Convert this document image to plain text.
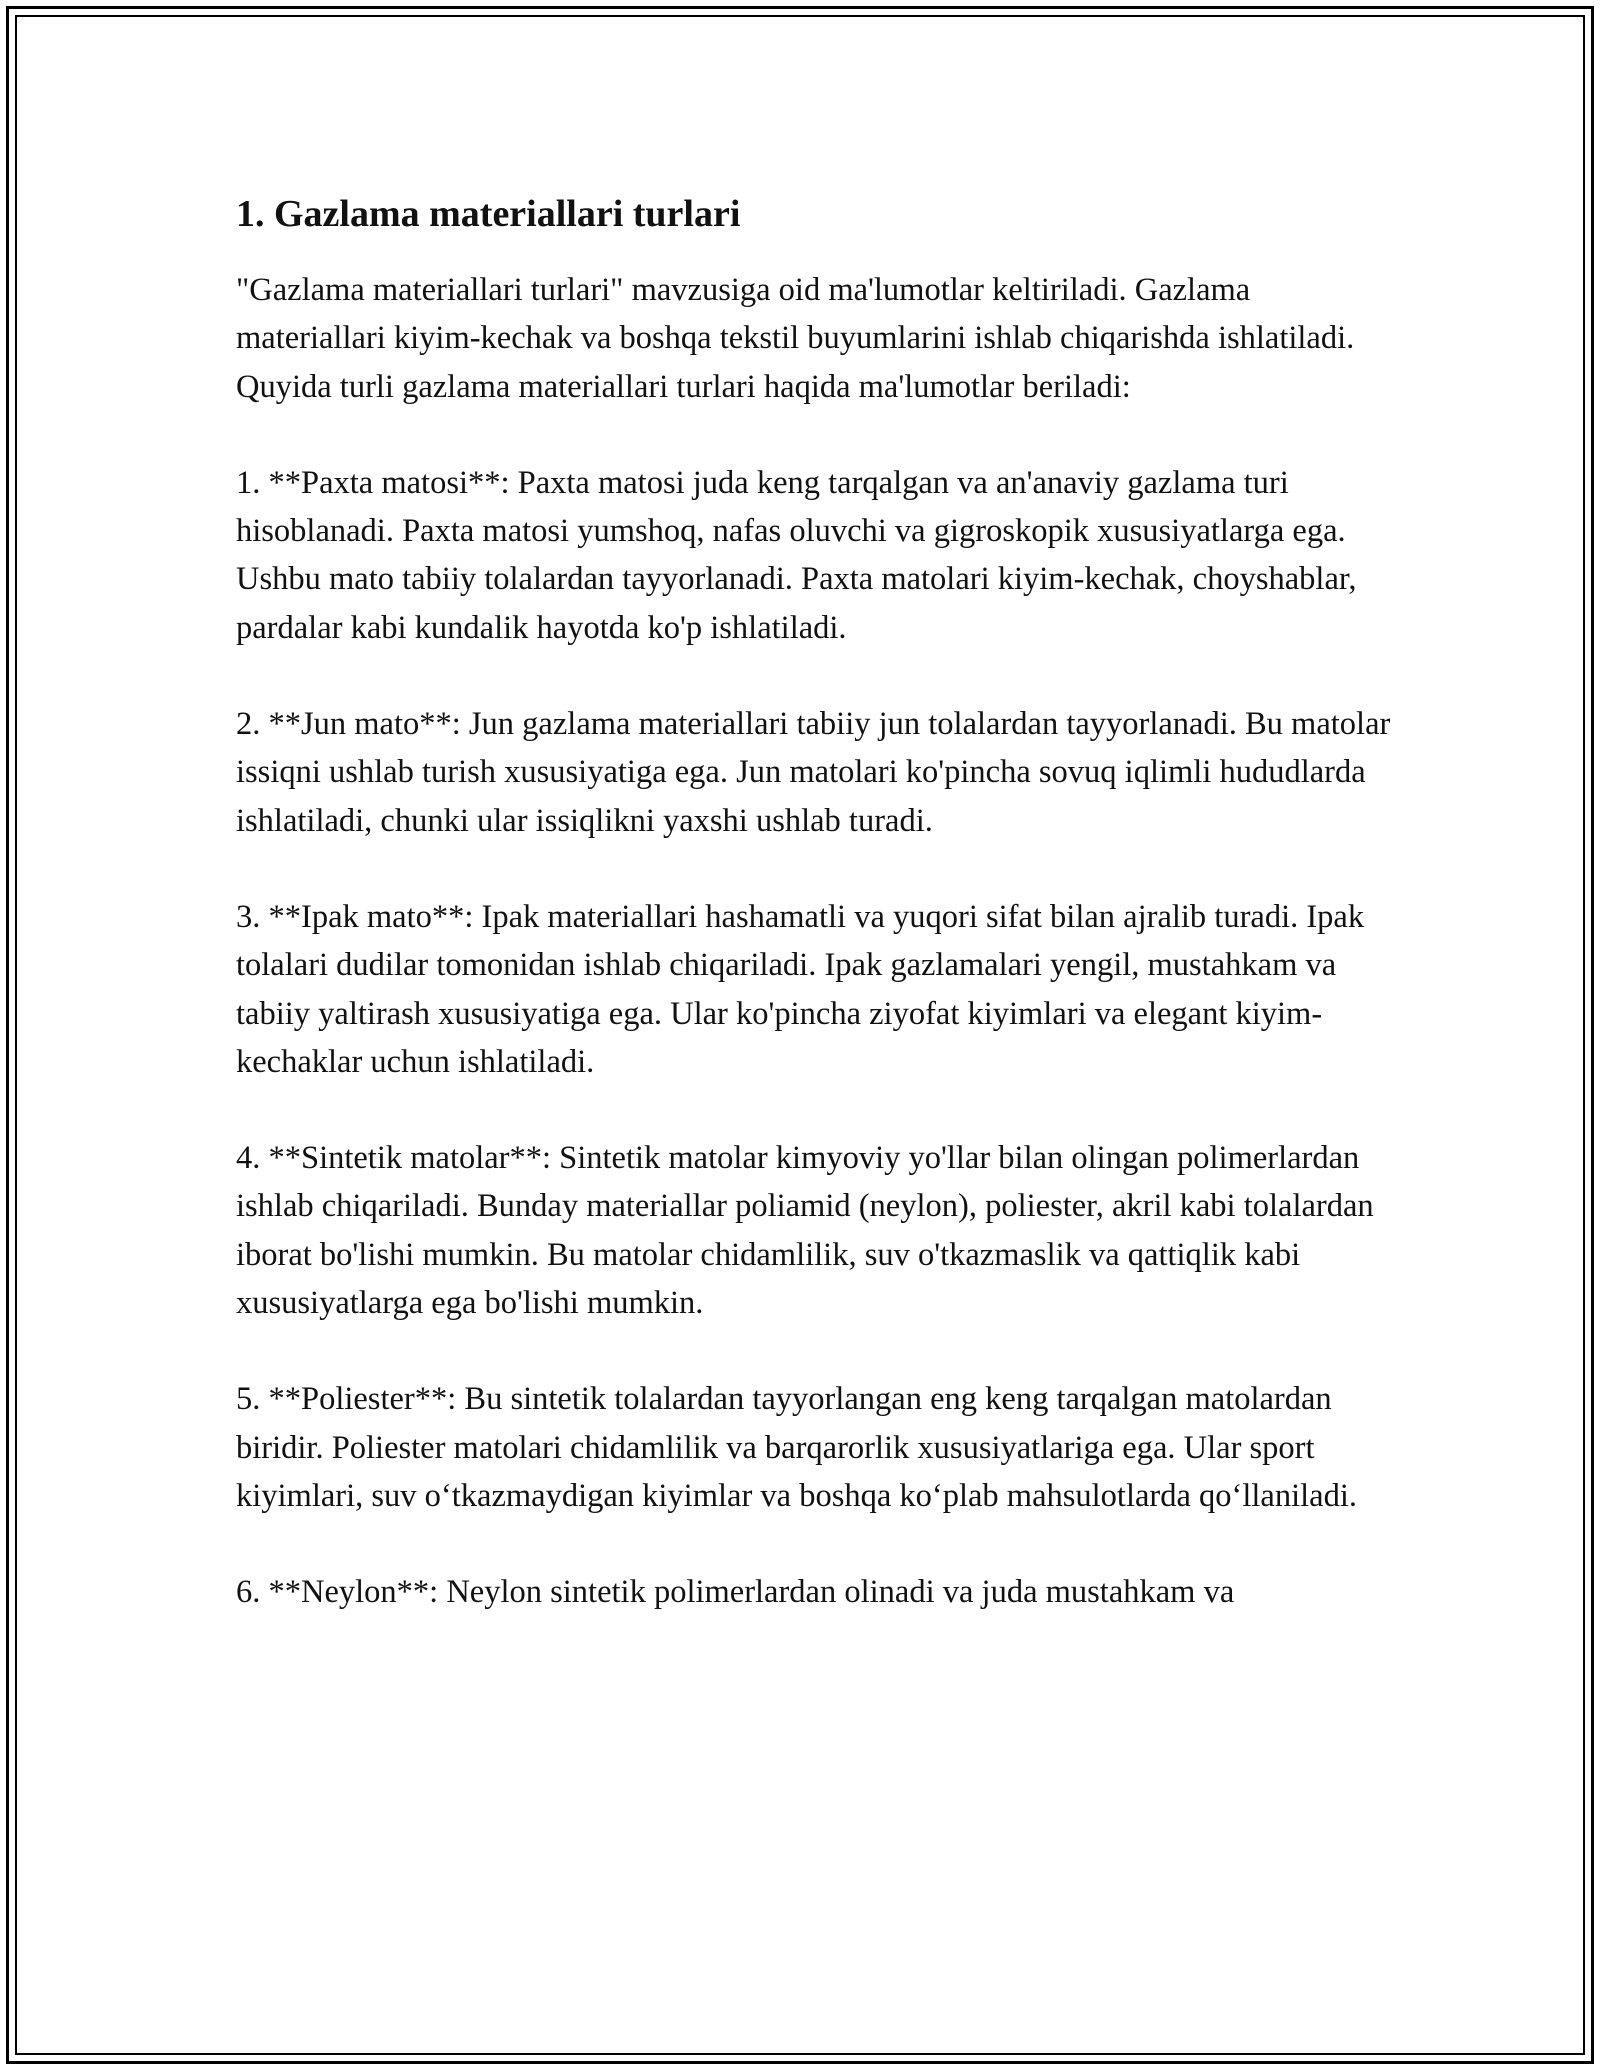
1. Gazlama materiallari turlari

"Gazlama materiallari turlari" mavzusiga oid ma'lumotlar keltiriladi. Gazlama materiallari kiyim-kechak va boshqa tekstil buyumlarini ishlab chiqarishda ishlatiladi. Quyida turli gazlama materiallari turlari haqida ma'lumotlar beriladi:

1. **Paxta matosi**: Paxta matosi juda keng tarqalgan va an'anaviy gazlama turi hisoblanadi. Paxta matosi yumshoq, nafas oluvchi va gigroskopik xususiyatlarga ega. Ushbu mato tabiiy tolalardan tayyorlanadi. Paxta matolari kiyim-kechak, choyshablar, pardalar kabi kundalik hayotda ko'p ishlatiladi.

2. **Jun mato**: Jun gazlama materiallari tabiiy jun tolalardan tayyorlanadi. Bu matolar issiqni ushlab turish xususiyatiga ega. Jun matolari ko'pincha sovuq iqlimli hududlarda ishlatiladi, chunki ular issiqlikni yaxshi ushlab turadi.

3. **Ipak mato**: Ipak materiallari hashamatli va yuqori sifat bilan ajralib turadi. Ipak tolalari dudilar tomonidan ishlab chiqariladi. Ipak gazlamalari yengil, mustahkam va tabiiy yaltirash xususiyatiga ega. Ular ko'pincha ziyofat kiyimlari va elegant kiyim-kechaklar uchun ishlatiladi.

4. **Sintetik matolar**: Sintetik matolar kimyoviy yo'llar bilan olingan polimerlardan ishlab chiqariladi. Bunday materiallar poliamid (neylon), poliester, akril kabi tolalardan iborat bo'lishi mumkin. Bu matolar chidamlilik, suv o'tkazmaslik va qattiqlik kabi xususiyatlarga ega bo'lishi mumkin.

5. **Poliester**: Bu sintetik tolalardan tayyorlangan eng keng tarqalgan matolardan biridir. Poliester matolari chidamlilik va barqarorlik xususiyatlariga ega. Ular sport kiyimlari, suv o‘tkazmaydigan kiyimlar va boshqa ko‘plab mahsulotlarda qo‘llaniladi.

6. **Neylon**: Neylon sintetik polimerlardan olinadi va juda mustahkam va
